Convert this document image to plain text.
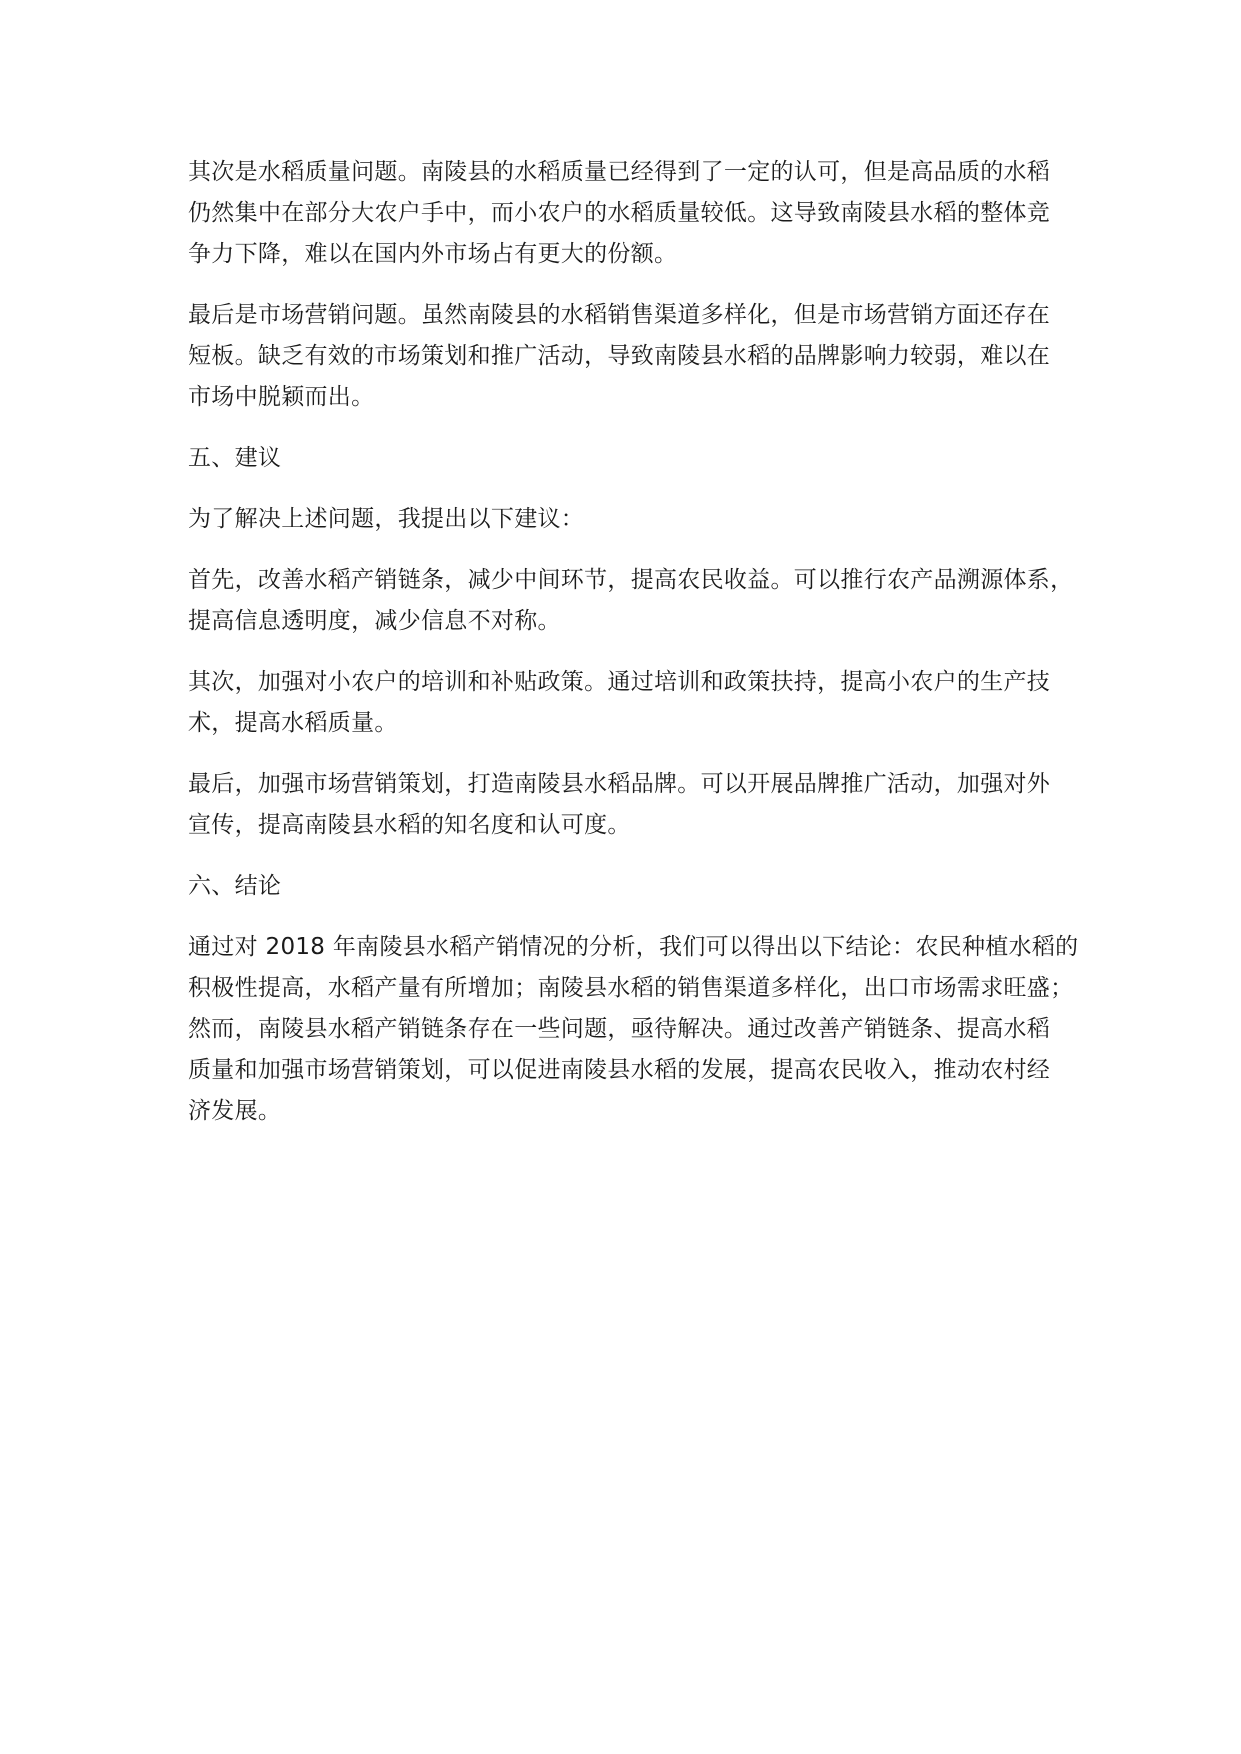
其次是水稻质量问题。南陵县的水稻质量已经得到了一定的认可，但是高品质的水稻
仍然集中在部分大农户手中，而小农户的水稻质量较低。这导致南陵县水稻的整体竞
争力下降，难以在国内外市场占有更大的份额。

最后是市场营销问题。虽然南陵县的水稻销售渠道多样化，但是市场营销方面还存在
短板。缺乏有效的市场策划和推广活动，导致南陵县水稻的品牌影响力较弱，难以在
市场中脱颖而出。

五、建议

为了解决上述问题，我提出以下建议：

首先，改善水稻产销链条，减少中间环节，提高农民收益。可以推行农产品溯源体系，
提高信息透明度，减少信息不对称。

其次，加强对小农户的培训和补贴政策。通过培训和政策扶持，提高小农户的生产技
术，提高水稻质量。

最后，加强市场营销策划，打造南陵县水稻品牌。可以开展品牌推广活动，加强对外
宣传，提高南陵县水稻的知名度和认可度。

六、结论

通过对 2018 年南陵县水稻产销情况的分析，我们可以得出以下结论：农民种植水稻的
积极性提高，水稻产量有所增加；南陵县水稻的销售渠道多样化，出口市场需求旺盛；
然而，南陵县水稻产销链条存在一些问题，亟待解决。通过改善产销链条、提高水稻
质量和加强市场营销策划，可以促进南陵县水稻的发展，提高农民收入，推动农村经
济发展。
